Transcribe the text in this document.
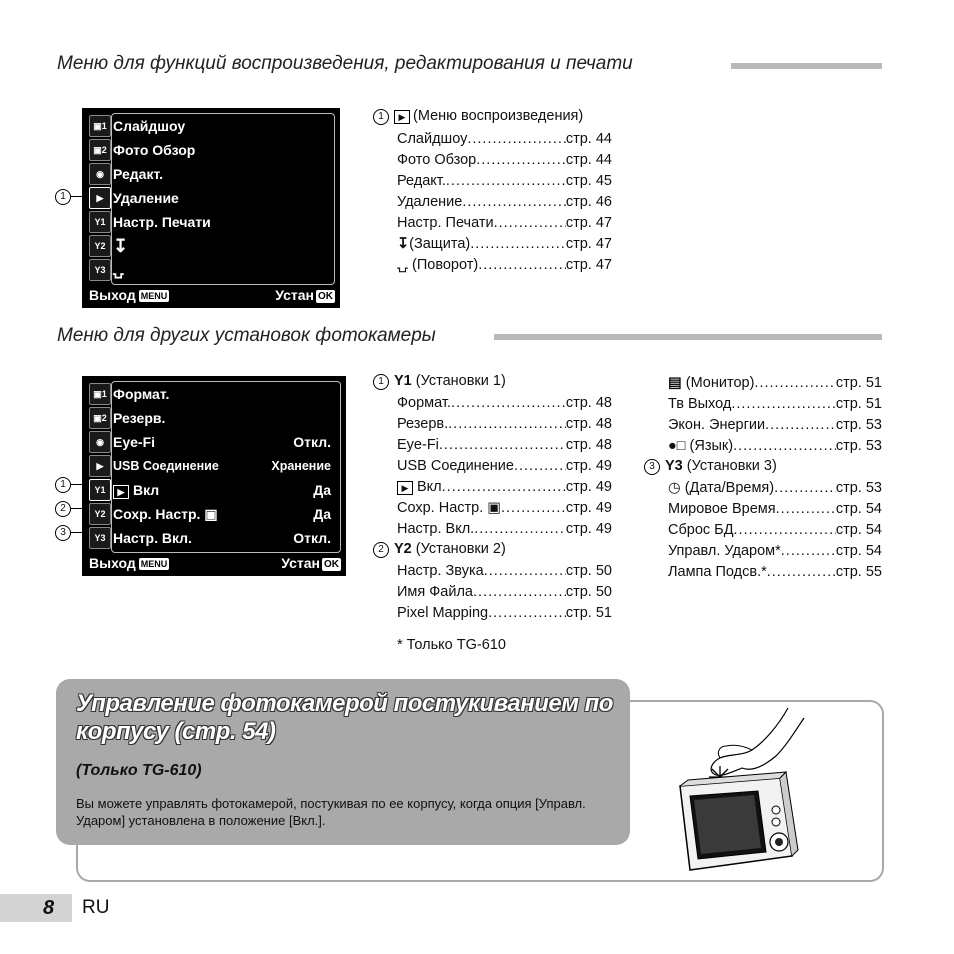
Меню для функций воспроизведения, редактирования и печати
▣1
▣2
◉
▶
Y1
Y2
Y3
Слайдшоу
Фото Обзор
Редакт.
Удаление
Настр. Печати
↧
⍽
Выход MENU	Устан OK
1
1 ▶ (Меню воспроизведения)
Слайдшоу .....	стр. 44
Фото Обзор .....	стр. 44
Редакт. .....	стр. 45
Удаление .....	стр. 46
Настр. Печати .....	стр. 47
↧(Защита) .....	стр. 47
⍽ (Поворот) .....	стр. 47
Меню для других установок фотокамеры
▣1
▣2
◉
▶
Y1
Y2
Y3
Формат.
Резерв.
Eye-Fi	Откл.
USB Соединение	Хранение
▶ Вкл	Да
Сохр. Настр. ▣	Да
Настр. Вкл.	Откл.
Выход MENU	Устан OK
1
2
3
1 Y1 (Установки 1)
Формат. .....	стр. 48
Резерв. .....	стр. 48
Eye-Fi .....	стр. 48
USB Соединение .....	стр. 49
▶ Вкл .....	стр. 49
Сохр. Настр. ▣ .....	стр. 49
Настр. Вкл. .....	стр. 49
2 Y2 (Установки 2)
Настр. Звука .....	стр. 50
Имя Файла .....	стр. 50
Pixel Mapping .....	стр. 51
* Только TG-610
▤ (Монитор) .....	стр. 51
Тв Выход .....	стр. 51
Экон. Энергии .....	стр. 53
●□ (Язык) .....	стр. 53
3 Y3 (Установки 3)
◷ (Дата/Время) .....	стр. 53
Мировое Время .....	стр. 54
Сброс БД .....	стр. 54
Управл. Ударом* .....	стр. 54
Лампа Подсв.* .....	стр. 55
Управление фотокамерой постукиванием по корпусу (стр. 54)
(Только TG-610)
Вы можете управлять фотокамерой, постукивая по ее корпусу, когда опция [Управл. Ударом] установлена в положение [Вкл.].
8 RU
